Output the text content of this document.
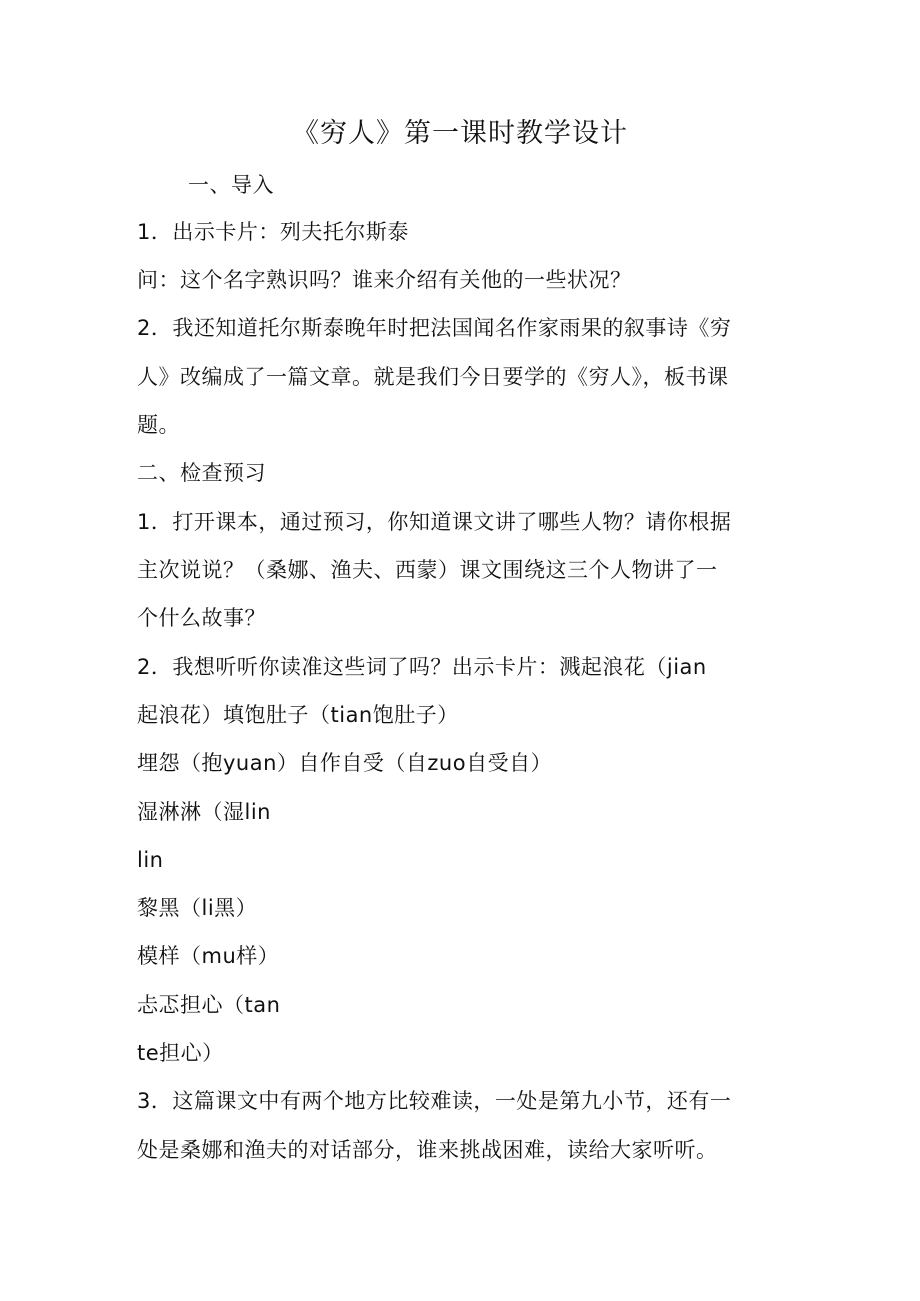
《穷人》第一课时教学设计

一、导入

1．出示卡片：列夫托尔斯泰

问：这个名字熟识吗？谁来介绍有关他的一些状况？

2．我还知道托尔斯泰晚年时把法国闻名作家雨果的叙事诗《穷

人》改编成了一篇文章。就是我们今日要学的《穷人》，板书课

题。

二、检查预习

1．打开课本，通过预习，你知道课文讲了哪些人物？请你根据

主次说说？（桑娜、渔夫、西蒙）课文围绕这三个人物讲了一

个什么故事？

2．我想听听你读准这些词了吗？出示卡片：溅起浪花（jian

起浪花）填饱肚子（tian饱肚子）

埋怨（抱yuan）自作自受（自zuo自受自）

湿淋淋（湿lin

lin

黎黑（li黑）

模样（mu样）

忐忑担心（tan

te担心）

3．这篇课文中有两个地方比较难读，一处是第九小节，还有一

处是桑娜和渔夫的对话部分，谁来挑战困难，读给大家听听。
